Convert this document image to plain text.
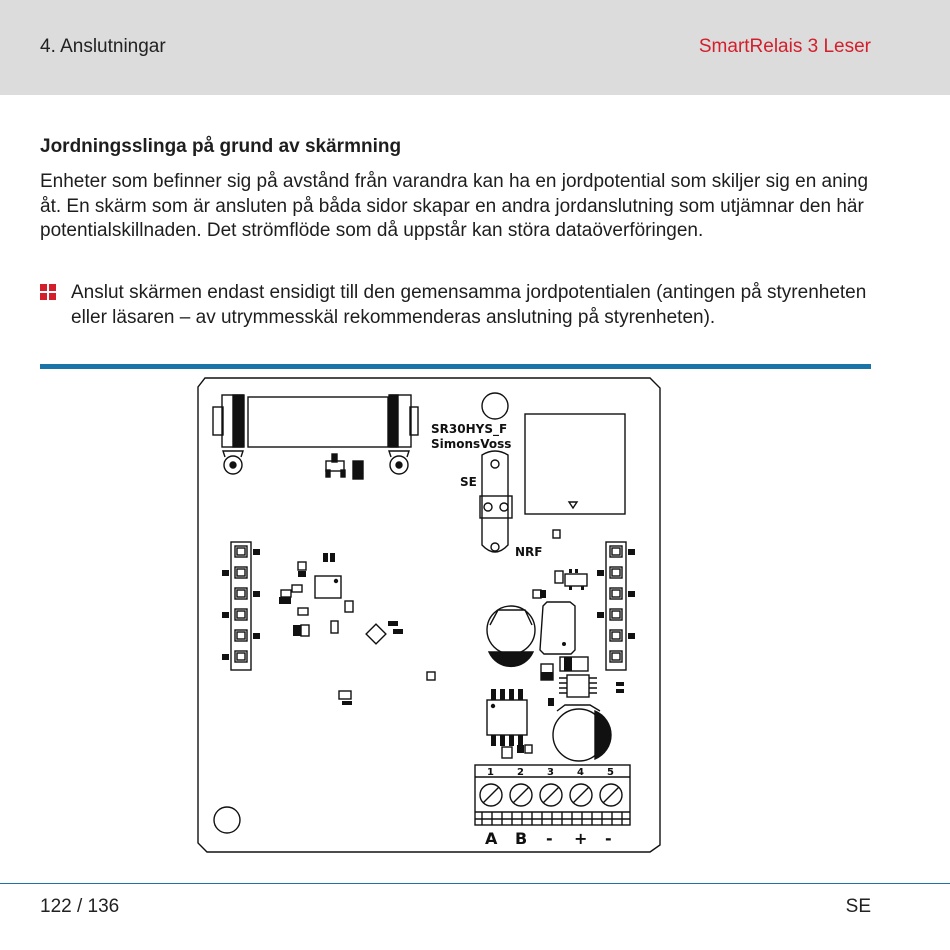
4. Anslutningar	SmartRelais 3 Leser
Jordningsslinga på grund av skärmning
Enheter som befinner sig på avstånd från varandra kan ha en jordpotential som skiljer sig en aning åt. En skärm som är ansluten på båda sidor skapar en andra jordanslutning som utjämnar den här potentialskillnaden. Det strömflöde som då uppstår kan störa dataöverföringen.
Anslut skärmen endast ensidigt till den gemensamma jordpotentialen (antingen på styrenheten eller läsaren – av utrymmesskäl rekommenderas anslutning på styrenheten).
SR30HYS_F
SimonsVoss
SE
NRF
1 2 3 4 5
A B - + -
122 / 136	SE
